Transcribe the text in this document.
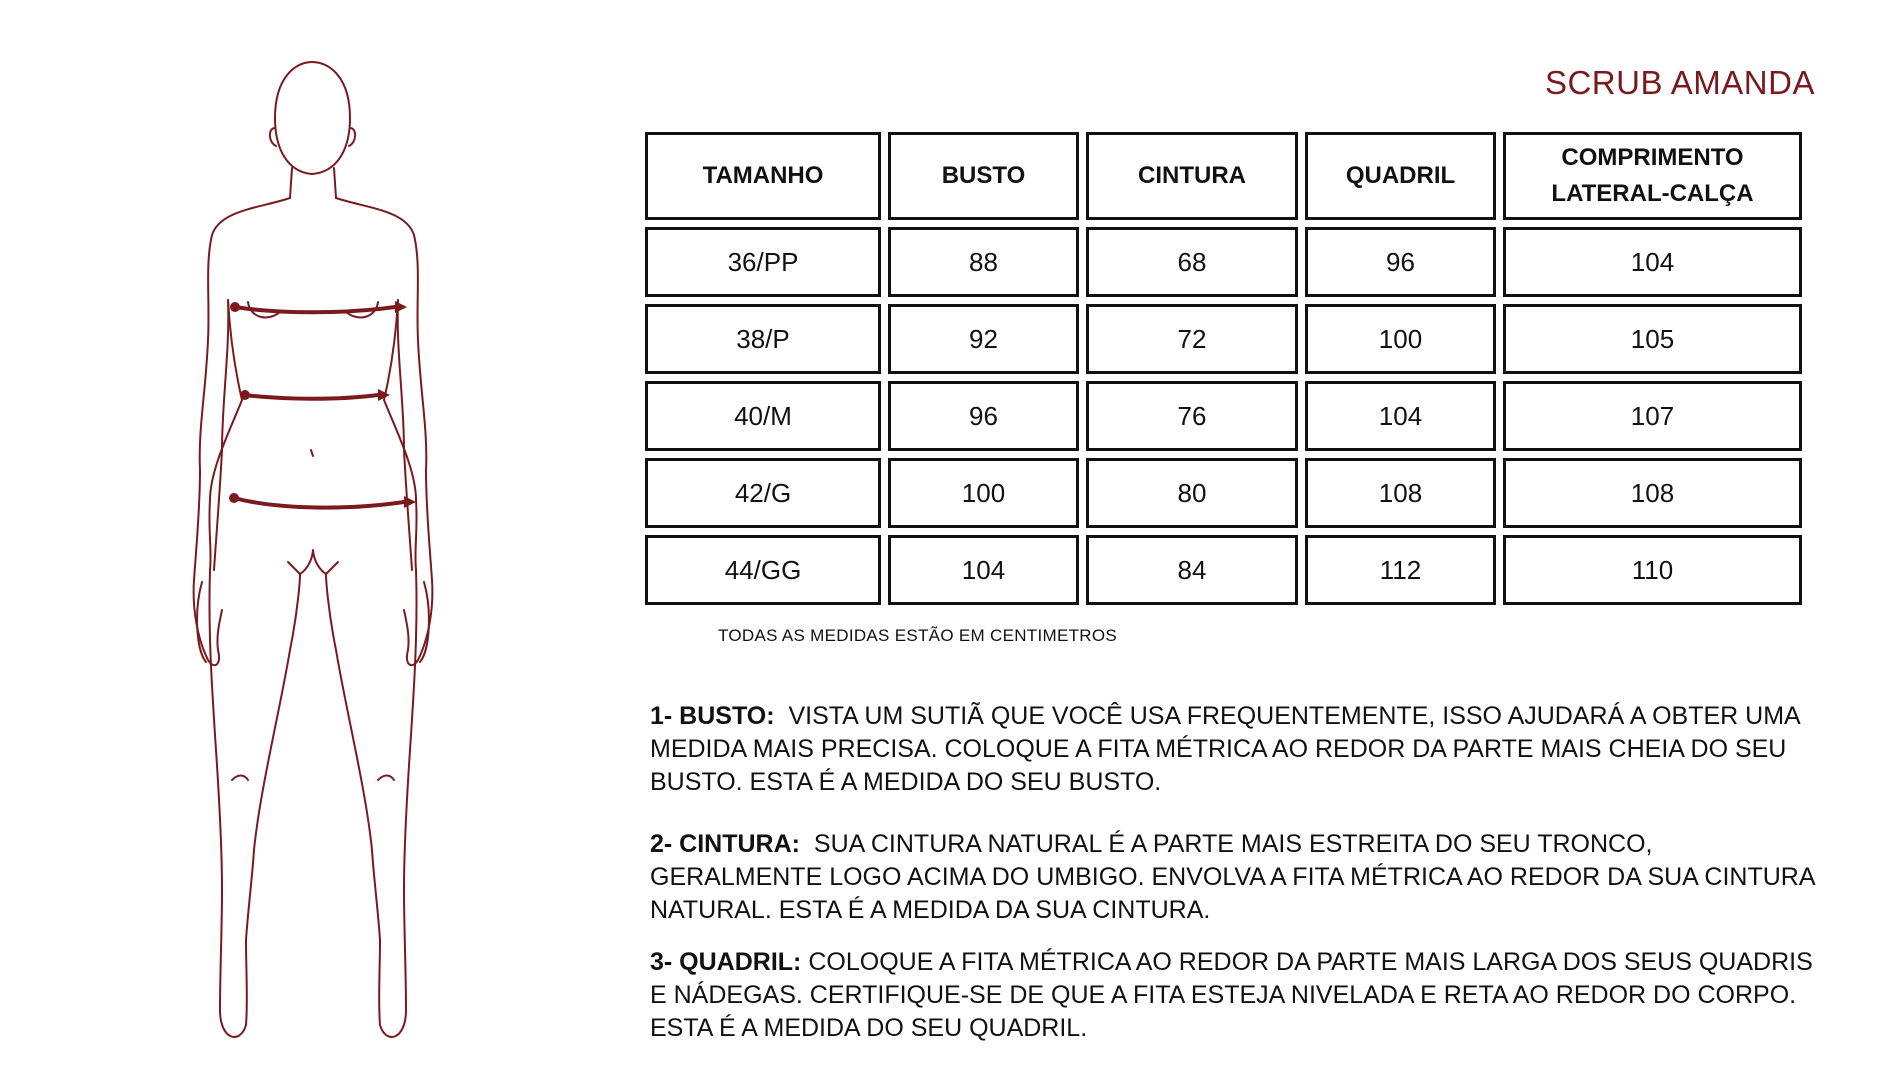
SCRUB AMANDA
TAMANHO	BUSTO	CINTURA	QUADRIL	COMPRIMENTO
LATERAL-CALÇA
36/PP	88	68	96	104
38/P	92	72	100	105
40/M	96	76	104	107
42/G	100	80	108	108
44/GG	104	84	112	110
TODAS AS MEDIDAS ESTÃO EM CENTIMETROS
1- BUSTO: VISTA UM SUTIÃ QUE VOCÊ USA FREQUENTEMENTE, ISSO AJUDARÁ A OBTER UMA MEDIDA MAIS PRECISA. COLOQUE A FITA MÉTRICA AO REDOR DA PARTE MAIS CHEIA DO SEU BUSTO. ESTA É A MEDIDA DO SEU BUSTO.
2- CINTURA: SUA CINTURA NATURAL É A PARTE MAIS ESTREITA DO SEU TRONCO, GERALMENTE LOGO ACIMA DO UMBIGO. ENVOLVA A FITA MÉTRICA AO REDOR DA SUA CINTURA NATURAL. ESTA É A MEDIDA DA SUA CINTURA.
3- QUADRIL: COLOQUE A FITA MÉTRICA AO REDOR DA PARTE MAIS LARGA DOS SEUS QUADRIS E NÁDEGAS. CERTIFIQUE-SE DE QUE A FITA ESTEJA NIVELADA E RETA AO REDOR DO CORPO. ESTA É A MEDIDA DO SEU QUADRIL.
